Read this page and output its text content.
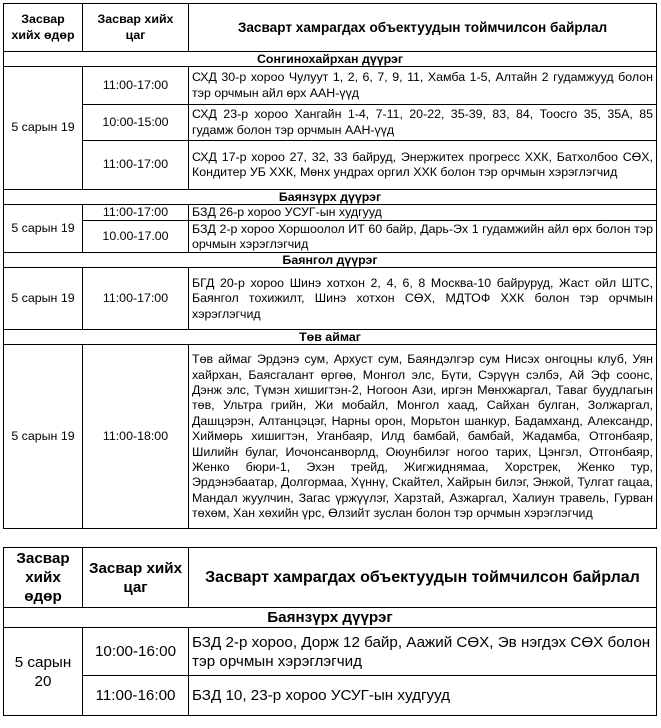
Засвар хийх өдөр	Засвар хийх цаг	Засварт хамрагдах объектуудын тоймчилсон байрлал
Сонгинохайрхан дүүрэг		
5 сарын 19	11:00-17:00	СХД 30-р хороо Чулуут 1, 2, 6, 7, 9, 11, Хамба 1-5, Алтайн 2 гудамжууд болон тэр орчмын айл өрх ААН-үүд
	10:00-15:00	СХД 23-р хороо Хангайн 1-4, 7-11, 20-22, 35-39, 83, 84, Тоосго 35, 35А, 85 гудамж болон тэр орчмын ААН-үүд
	11:00-17:00	СХД 17-р хороо 27, 32, 33 байруд, Энержитех прогресс ХХК, Батхолбоо СӨХ, Кондитер УБ ХХК, Мөнх ундрах оргил ХХК болон тэр орчмын хэрэглэгчид
Баянзүрх дүүрэг		
5 сарын 19	11:00-17:00	БЗД 26-р хороо УСУГ-ын худгууд
	10.00-17.00	БЗД 2-р хороо Хоршоолол ИТ 60 байр, Дарь-Эх 1 гудамжийн айл өрх болон тэр орчмын хэрэглэгчид
Баянгол дүүрэг		
5 сарын 19	11:00-17:00	БГД 20-р хороо Шинэ хотхон 2, 4, 6, 8 Москва-10 байруруд, Жаст ойл ШТС, Баянгол тохижилт, Шинэ хотхон СӨХ, МДТОФ ХХК болон тэр орчмын хэрэглэгчид
Төв аймаг		
5 сарын 19	11:00-18:00	Төв аймаг Эрдэнэ сум, Архуст сум, Баяндэлгэр сум Нисэх онгоцны клуб, Уян хайрхан, Баясгалант өргөө, Монгол элс, Бүти, Сэрүүн сэлбэ, Ай Эф соонс, Дэнж элс, Түмэн хишигтэн-2, Ногоон Ази, иргэн Мөнхжаргал, Таваг буудлагын төв, Ультра грийн, Жи мобайл, Монгол хаад, Сайхан булган, Золжаргал, Дашцэрэн, Алтанцэцэг, Нарны орон, Морьтон шанкур, Бадамханд, Александр, Хиймөрь хишигтэн, Уганбаяр, Илд бамбай, бамбай, Жадамба, Отгонбаяр, Шилийн булаг, Иочонсанворлд, Оюунбилэг ногоо тарих, Цэнгэл, Отгонбаяр, Женко бюри-1, Эхэн трейд, Жигжиднямаа, Хорстрек, Женко тур, Эрдэнэбаатар, Долгормаа, Хүннү, Скайтел, Хайрын билэг, Энжой, Тулгат гацаа, Мандал жуулчин, Загас үржүүлэг, Харзтай, Азжаргал, Халиун травель, Гурван төхөм, Хан хөхийн үрс, Өлзийт зуслан болон тэр орчмын хэрэглэгчид
Засвар хийх өдөр	Засвар хийх цаг	Засварт хамрагдах объектуудын тоймчилсон байрлал
Баянзүрх дүүрэг		
5 сарын 20	10:00-16:00	БЗД 2-р хороо, Дорж 12 байр, Аажий СӨХ, Эв нэгдэх СӨХ болон тэр орчмын хэрэглэгчид
	11:00-16:00	БЗД 10, 23-р хороо УСУГ-ын худгууд
